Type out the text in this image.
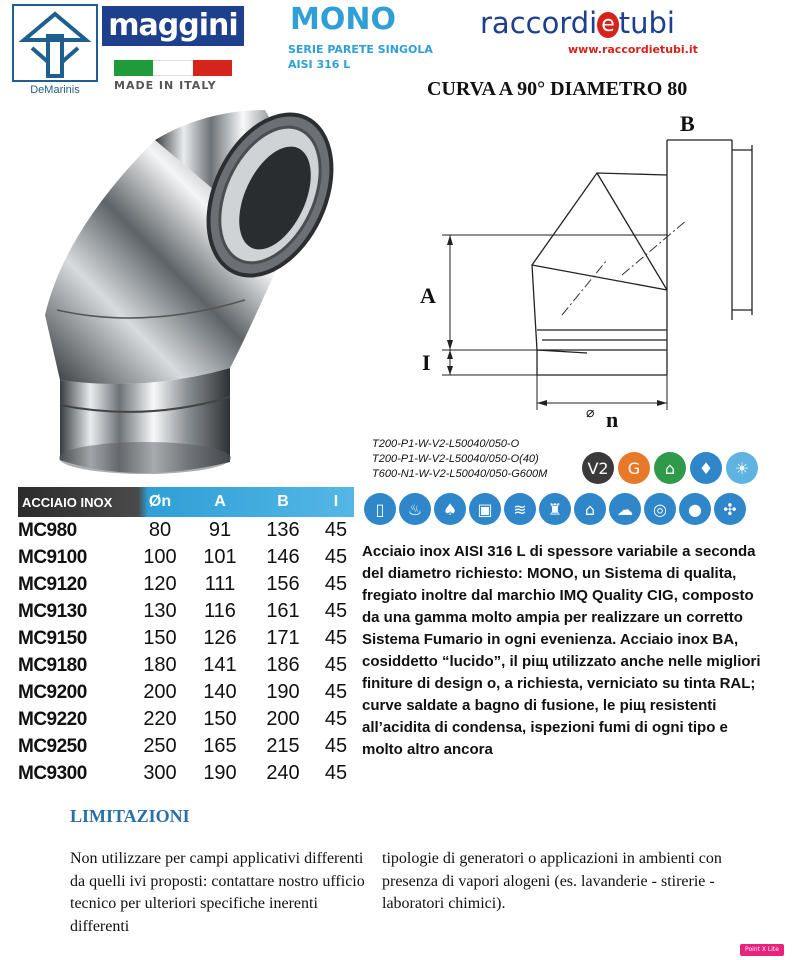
DeMarinis
maggini
MADE IN ITALY
MONO
SERIE PARETE SINGOLA
AISI 316 L
raccordi e tubi
www.raccordietubi.it
CURVA A 90° DIAMETRO 80
B
A
I
⌀ n
T200-P1-W-V2-L50040/050-O
T200-P1-W-V2-L50040/050-O(40)
T600-N1-W-V2-L50040/050-G600M	V2	G	⌂	♦	☀
▯	♨	♠	▣	≋	♜	⌂	☁	◎	●	✣
ACCIAIO INOX	Øn	A	B	I
MC980	80	91	136	45
MC9100	100	101	146	45
MC9120	120	111	156	45
MC9130	130	116	161	45
MC9150	150	126	171	45
MC9180	180	141	186	45
MC9200	200	140	190	45
MC9220	220	150	200	45
MC9250	250	165	215	45
MC9300	300	190	240	45
Acciaio inox AISI 316 L di spessore variabile a seconda del diametro richiesto: MONO, un Sistema di qualita, fregiato inoltre dal marchio IMQ Quality CIG, composto da una gamma molto ampia per realizzare un corretto Sistema Fumario in ogni evenienza. Acciaio inox BA, cosiddetto “lucido”, il piщ utilizzato anche nelle migliori finiture di design o, a richiesta, verniciato su tinta RAL; curve saldate a bagno di fusione, le piщ resistenti all’acidita di condensa, ispezioni fumi di ogni tipo e molto altro ancora
LIMITAZIONI
Non utilizzare per campi applicativi differenti da quelli ivi proposti: contattare nostro ufficio tecnico per ulteriori specifiche inerenti differenti
tipologie di generatori o applicazioni in ambienti con presenza di vapori alogeni (es. lavanderie - stirerie - laboratori chimici).
Point X Lite
